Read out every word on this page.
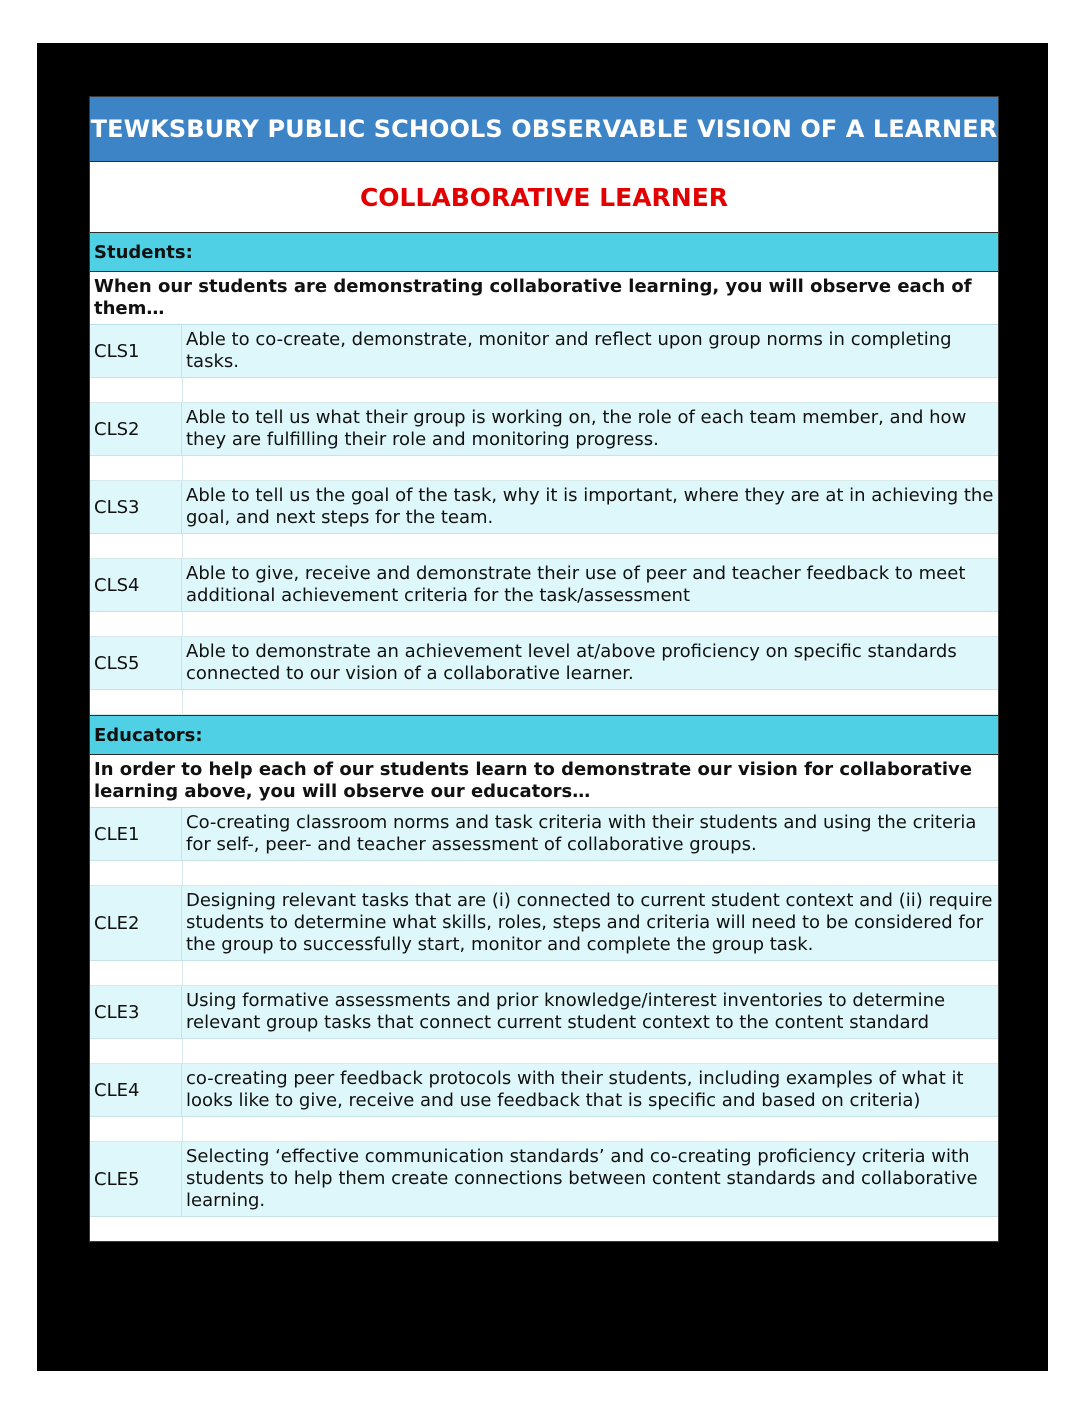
TEWKSBURY PUBLIC SCHOOLS OBSERVABLE VISION OF A LEARNER
COLLABORATIVE LEARNER
Students:
When our students are demonstrating collaborative learning, you will observe each of them…
CLS1
Able to co-create, demonstrate, monitor and reflect upon group norms in completing tasks.
CLS2
Able to tell us what their group is working on, the role of each team member, and how they are fulfilling their role and monitoring progress.
CLS3
Able to tell us the goal of the task, why it is important, where they are at in achieving the goal, and next steps for the team.
CLS4
Able to give, receive and demonstrate their use of peer and teacher feedback to meet additional achievement criteria for the task/assessment
CLS5
Able to demonstrate an achievement level at/above proficiency on specific standards connected to our vision of a collaborative learner.
Educators:
In order to help each of our students learn to demonstrate our vision for collaborative learning above, you will observe our educators…
CLE1
Co-creating classroom norms and task criteria with their students and using the criteria for self-, peer- and teacher assessment of collaborative groups.
CLE2
Designing relevant tasks that are (i) connected to current student context and (ii) require students to determine what skills, roles, steps and criteria will need to be considered for the group to successfully start, monitor and complete the group task.
CLE3
Using formative assessments and prior knowledge/interest inventories to determine relevant group tasks that connect current student context to the content standard
CLE4
co-creating peer feedback protocols with their students, including examples of what it looks like to give, receive and use feedback that is specific and based on criteria)
CLE5
Selecting ‘effective communication standards’ and co-creating proficiency criteria with students to help them create connections between content standards and collaborative learning.
